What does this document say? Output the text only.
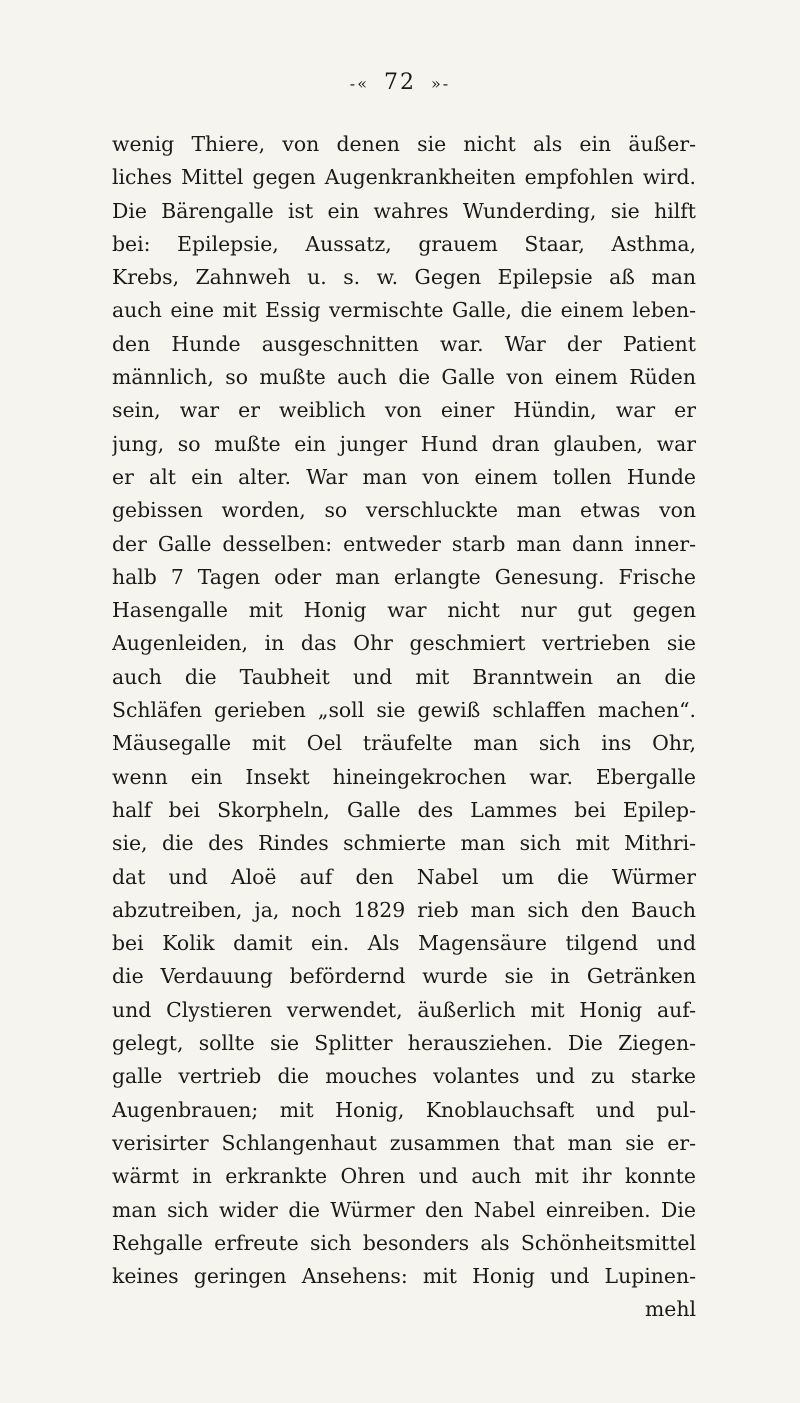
-« 72 »-
wenig Thiere, von denen sie nicht als ein äußer-
liches Mittel gegen Augenkrankheiten empfohlen wird.
Die Bärengalle ist ein wahres Wunderding, sie hilft
bei: Epilepsie, Aussatz, grauem Staar, Asthma,
Krebs, Zahnweh u. s. w. Gegen Epilepsie aß man
auch eine mit Essig vermischte Galle, die einem leben-
den Hunde ausgeschnitten war. War der Patient
männlich, so mußte auch die Galle von einem Rüden
sein, war er weiblich von einer Hündin, war er
jung, so mußte ein junger Hund dran glauben, war
er alt ein alter. War man von einem tollen Hunde
gebissen worden, so verschluckte man etwas von
der Galle desselben: entweder starb man dann inner-
halb 7 Tagen oder man erlangte Genesung. Frische
Hasengalle mit Honig war nicht nur gut gegen
Augenleiden, in das Ohr geschmiert vertrieben sie
auch die Taubheit und mit Branntwein an die
Schläfen gerieben „soll sie gewiß schlaffen machen“.
Mäusegalle mit Oel träufelte man sich ins Ohr,
wenn ein Insekt hineingekrochen war. Ebergalle
half bei Skorpheln, Galle des Lammes bei Epilep-
sie, die des Rindes schmierte man sich mit Mithri-
dat und Aloë auf den Nabel um die Würmer
abzutreiben, ja, noch 1829 rieb man sich den Bauch
bei Kolik damit ein. Als Magensäure tilgend und
die Verdauung befördernd wurde sie in Getränken
und Clystieren verwendet, äußerlich mit Honig auf-
gelegt, sollte sie Splitter herausziehen. Die Ziegen-
galle vertrieb die mouches volantes und zu starke
Augenbrauen; mit Honig, Knoblauchsaft und pul-
verisirter Schlangenhaut zusammen that man sie er-
wärmt in erkrankte Ohren und auch mit ihr konnte
man sich wider die Würmer den Nabel einreiben. Die
Rehgalle erfreute sich besonders als Schönheitsmittel
keines geringen Ansehens: mit Honig und Lupinen-
mehl
